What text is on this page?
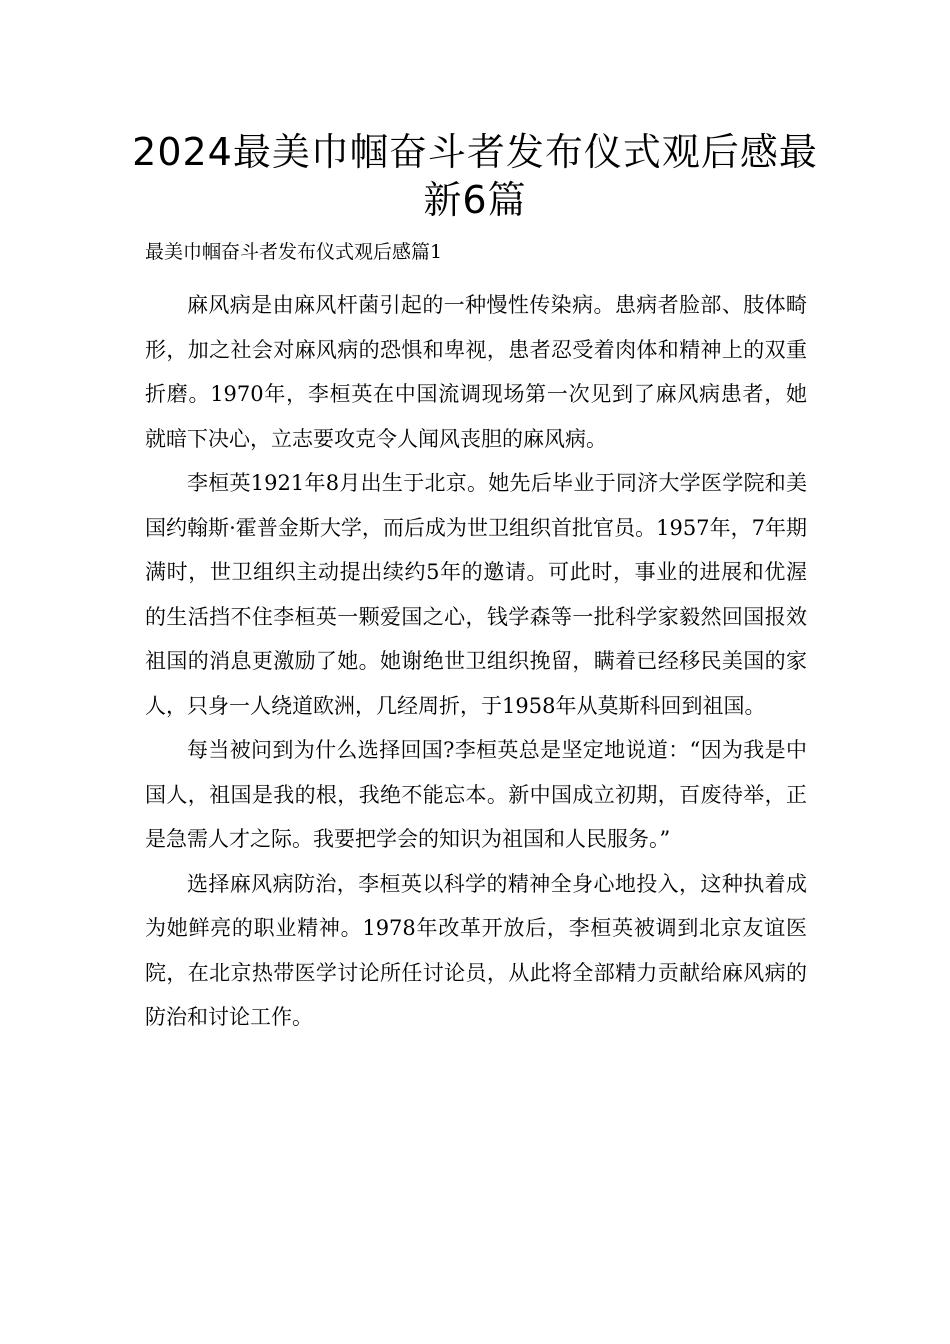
2024最美巾帼奋斗者发布仪式观后感最新6篇

最美巾帼奋斗者发布仪式观后感篇1

麻风病是由麻风杆菌引起的一种慢性传染病。患病者脸部、肢体畸形，加之社会对麻风病的恐惧和卑视，患者忍受着肉体和精神上的双重折磨。1970年，李桓英在中国流调现场第一次见到了麻风病患者，她就暗下决心，立志要攻克令人闻风丧胆的麻风病。

李桓英1921年8月出生于北京。她先后毕业于同济大学医学院和美国约翰斯·霍普金斯大学，而后成为世卫组织首批官员。1957年，7年期满时，世卫组织主动提出续约5年的邀请。可此时，事业的进展和优渥的生活挡不住李桓英一颗爱国之心，钱学森等一批科学家毅然回国报效祖国的消息更激励了她。她谢绝世卫组织挽留，瞒着已经移民美国的家人，只身一人绕道欧洲，几经周折，于1958年从莫斯科回到祖国。

每当被问到为什么选择回国?李桓英总是坚定地说道：“因为我是中国人，祖国是我的根，我绝不能忘本。新中国成立初期，百废待举，正是急需人才之际。我要把学会的知识为祖国和人民服务。”

选择麻风病防治，李桓英以科学的精神全身心地投入，这种执着成为她鲜亮的职业精神。1978年改革开放后，李桓英被调到北京友谊医院，在北京热带医学讨论所任讨论员，从此将全部精力贡献给麻风病的防治和讨论工作。
